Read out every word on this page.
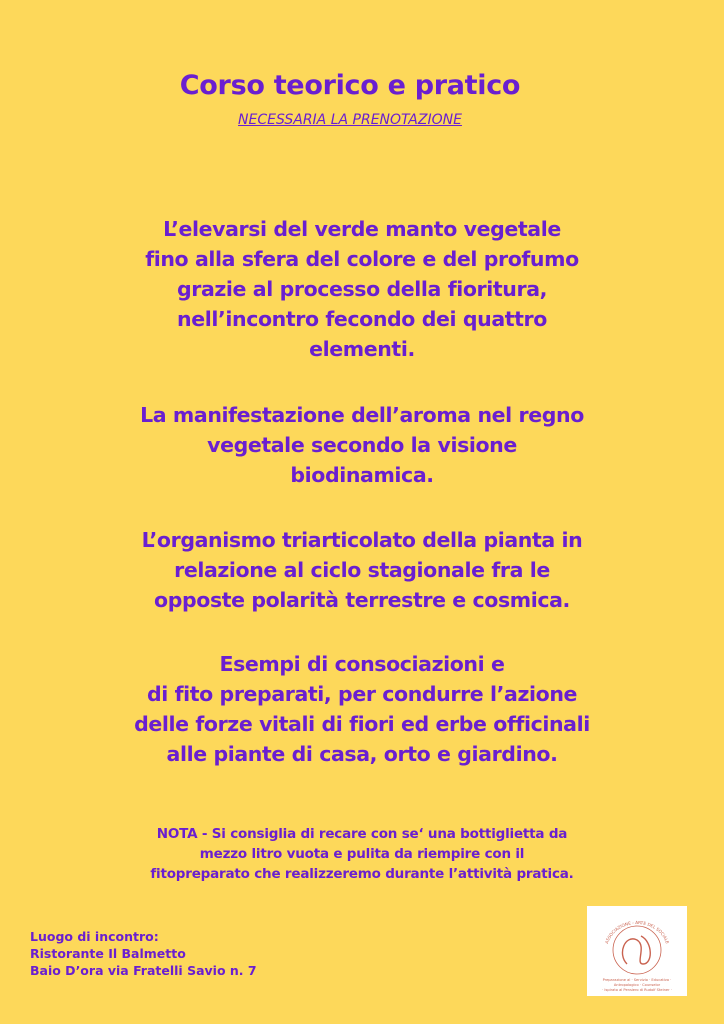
Corso teorico e pratico
NECESSARIA LA PRENOTAZIONE
L’elevarsi del verde manto vegetale
fino alla sfera del colore e del profumo
grazie al processo della fioritura,
nell’incontro fecondo dei quattro
elementi.
La manifestazione dell’aroma nel regno
vegetale secondo la visione
biodinamica.
L’organismo triarticolato della pianta in
relazione al ciclo stagionale fra le
opposte polarità terrestre e cosmica.
Esempi di consociazioni e
di fito preparati, per condurre l’azione
delle forze vitali di fiori ed erbe officinali
alle piante di casa, orto e giardino.
NOTA - Si consiglia di recare con se‘ una bottiglietta da
mezzo litro vuota e pulita da riempire con il
fitopreparato che realizzeremo durante l’attività pratica.
Luogo di incontro:
Ristorante Il Balmetto
Baio D’ora via Fratelli Savio n. 7
ASSOCIAZIONE - ARTE DEL SOCIALE
Preparazione al · Servizio · Educativo ·
Antropologico · Counselor
· Ispirato al Pensiero di Rudolf Steiner ·
